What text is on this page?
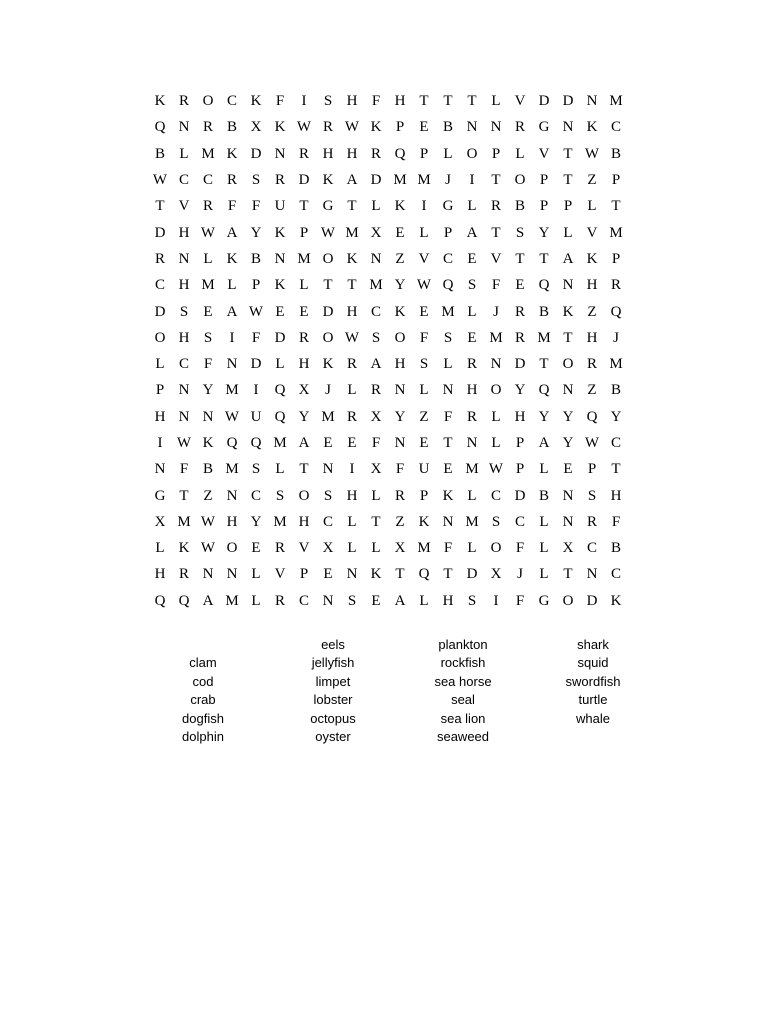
K R O C K F	I	S H F H T T T L V D D N M
Q N R B X K W R W K P	E B N N R G N K C
B L M K D N R H H R Q P	L O P	L V T W B
W C C R S R D K A D M M J	I	T O P	T Z	P
T V R F	F U T G T L K	I	G L R B P	P	L T
D H W A Y K P W M X E L	P A T	S Y L V M
R N L K B N M O K N Z V C E V T T A K P
C H M L	P K L T T M Y W Q S	F	E Q N H R
D S	E A W E E D H C K E M L	J	R B K Z Q
O H S	I	F D R O W S O F	S	E M R M T H	J
L C F N D L H K R A H S	L R N D T O R M
P N Y M I	Q X	J	L R N L N H O Y Q N Z B
H N N W U Q Y M R X Y Z	F R L H Y Y Q Y
I W K Q Q M A E E	F N E T N L	P A Y W C
N F B M S	L T N	I	X F U E M W P	L E	P	T
G T Z N C S O S H L R P K L C D B N S H
X M W H Y M H C L T Z K N M S C L N R F
L K W O E R V X L L X M F	L O F	L X C B
H R N N L V P	E N K T Q T D X	J	L T N C
Q Q A M L R C N S	E A L H S	I	F G O D K
clam
cod
crab
dogfish
dolphin
eels
jellyfish
limpet
lobster
octopus
oyster
plankton
rockfish
sea horse
seal
sea lion
seaweed
shark
squid
swordfish
turtle
whale
